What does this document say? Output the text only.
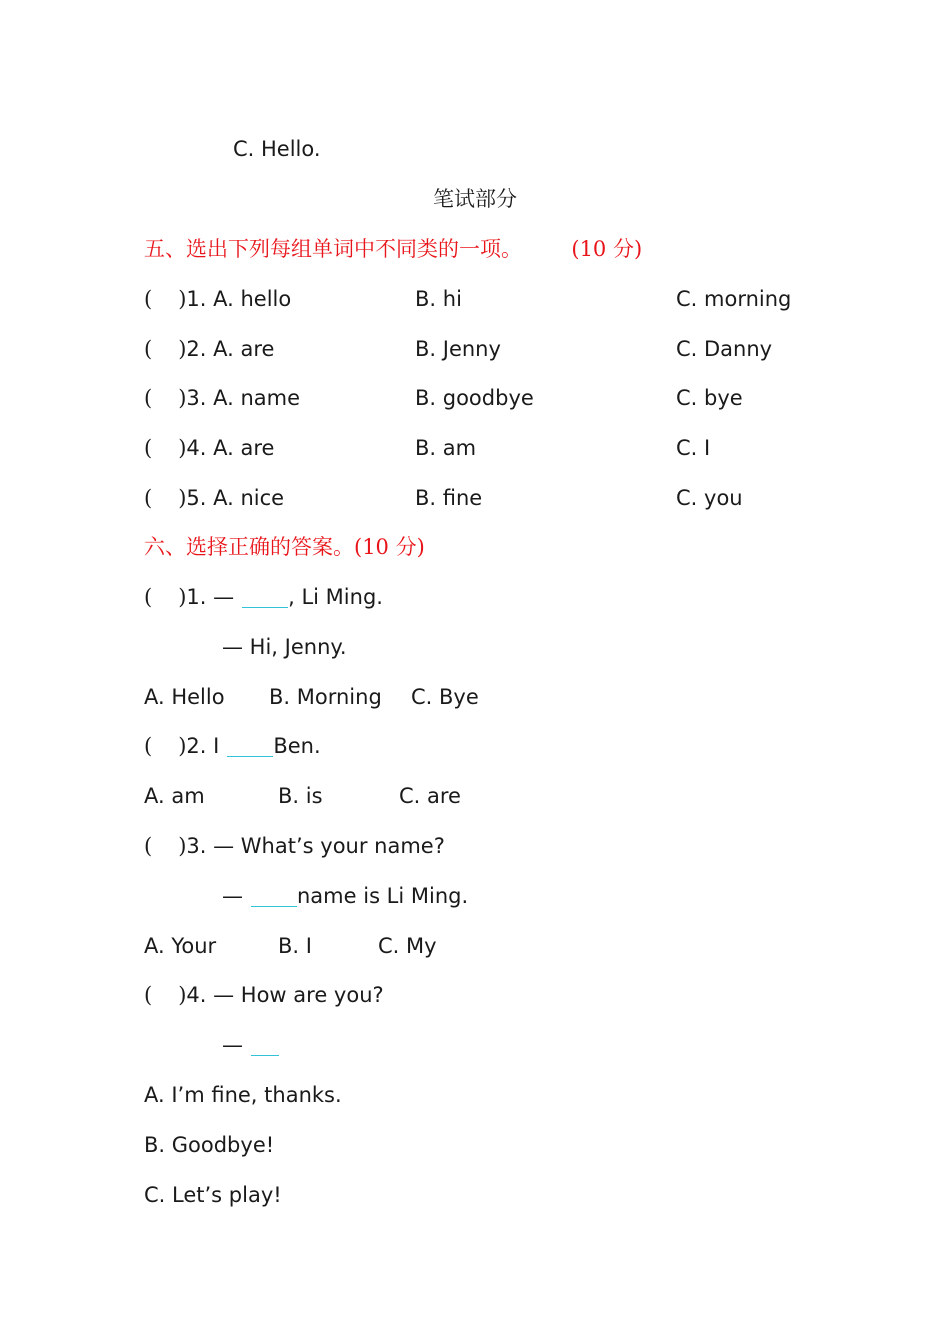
C. Hello.
笔试部分
五、选出下列每组单词中不同类的一项。 (10 分)
( )1. A. hello	B. hi	C. morning
( )2. A. are	B. Jenny	C. Danny
( )3. A. name	B. goodbye	C. bye
( )4. A. are	B. am	C. I
( )5. A. nice	B. fine	C. you
六、选择正确的答案。(10 分)
( )1. —	, Li Ming.
— Hi, Jenny.
A. Hello B. Morning C. Bye
( )2. I	Ben.
A. am	B. is	C. are
( )3. — What’s your name?
—	name is Li Ming.
A. Your	B. I	C. My
( )4. — How are you?
—
A. I’m fine, thanks.
B. Goodbye!
C. Let’s play!
